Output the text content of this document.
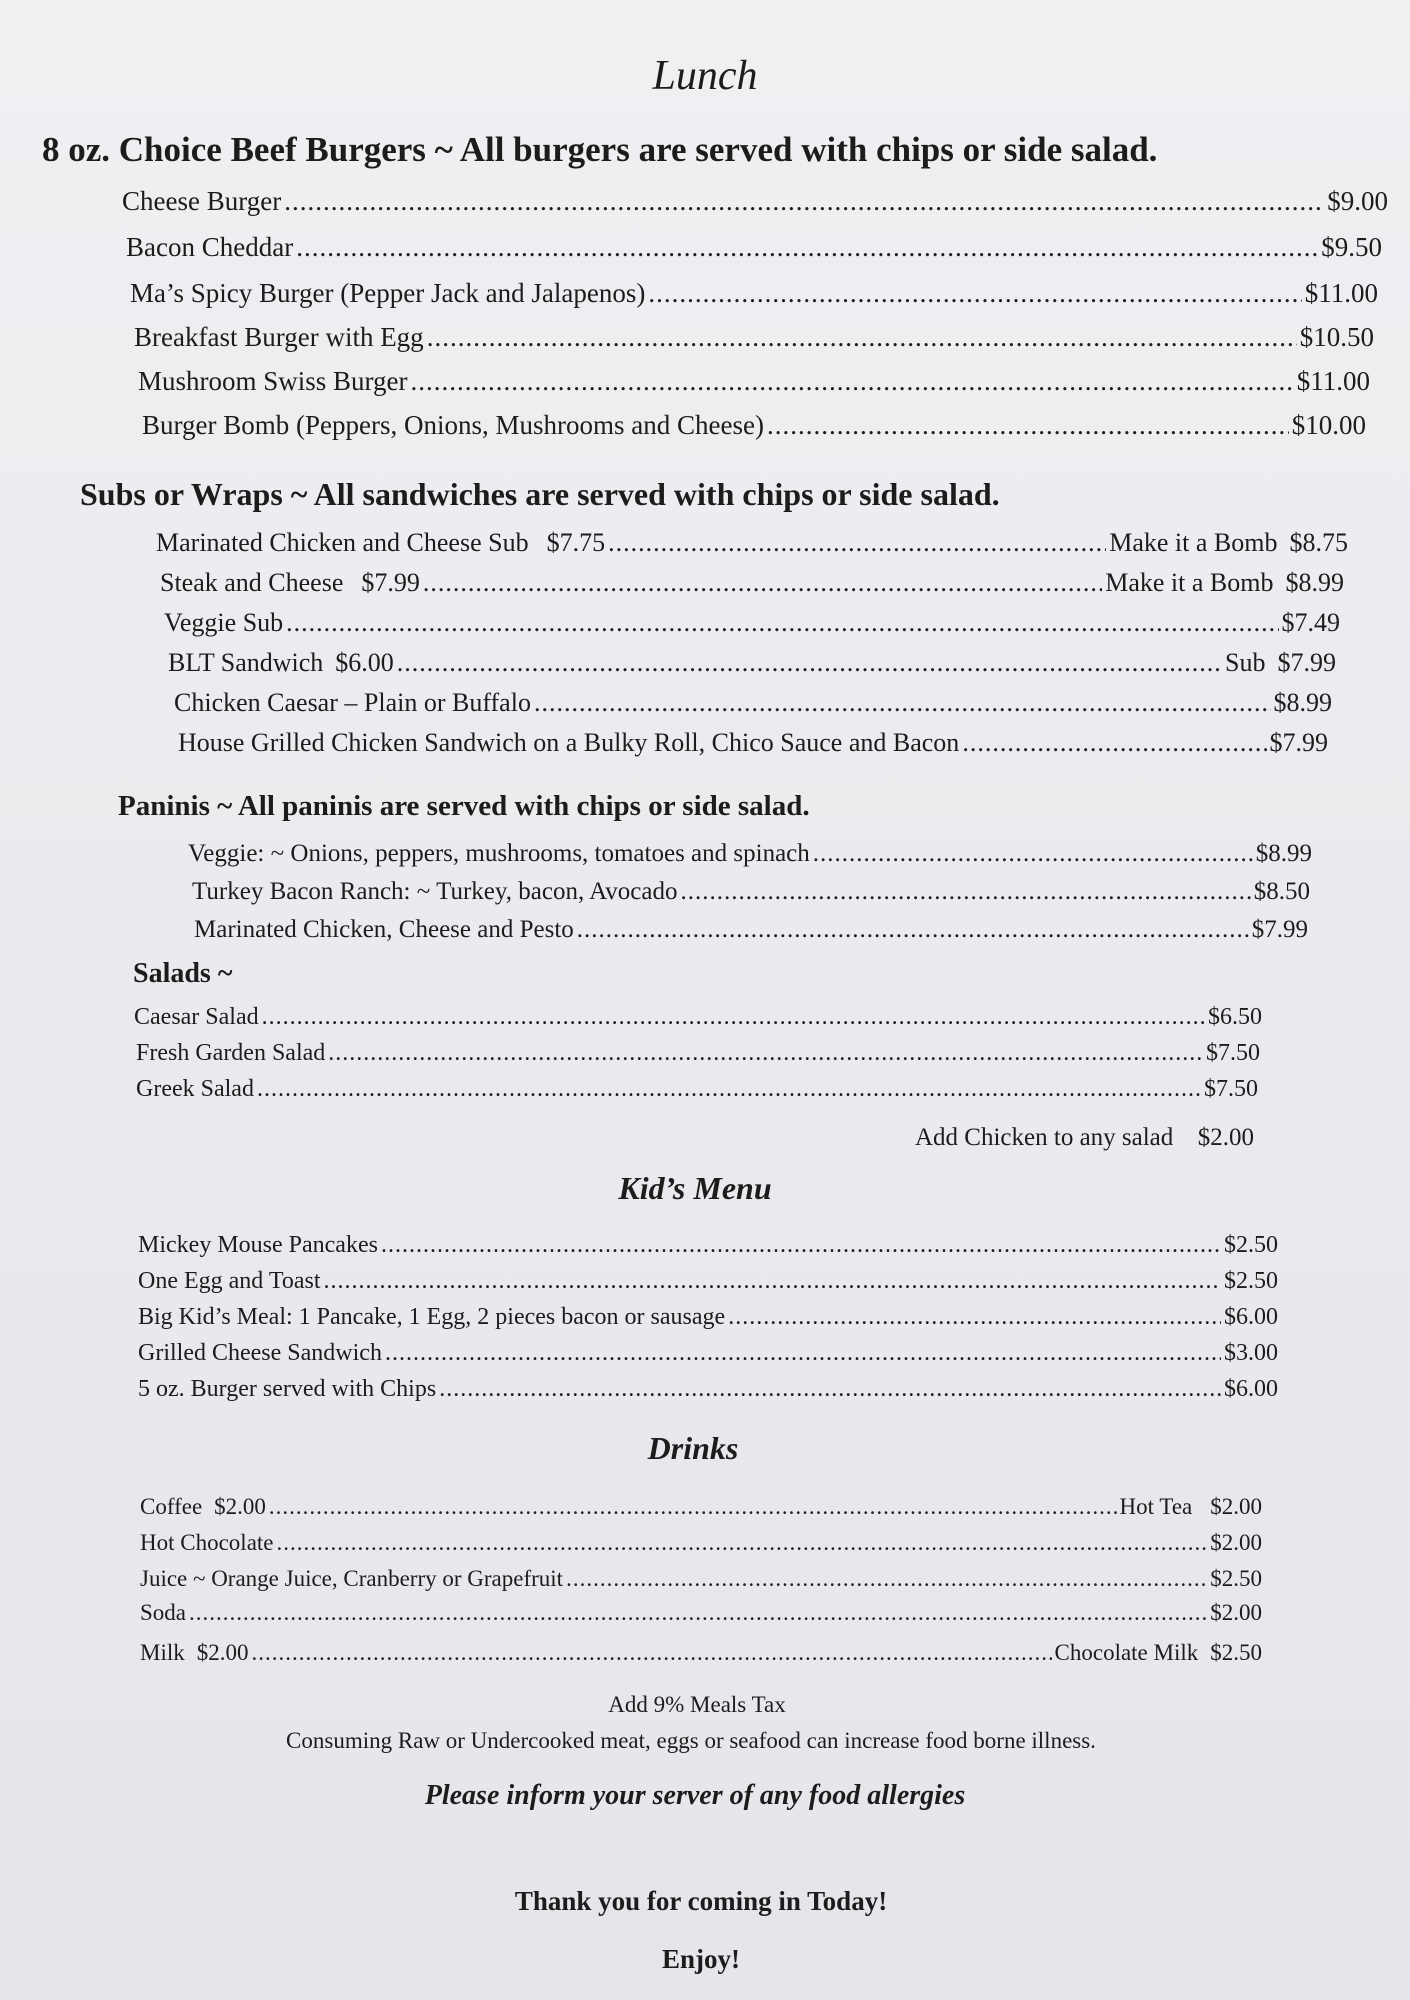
Lunch
8 oz. Choice Beef Burgers ~ All burgers are served with chips or side salad.
Cheese Burger .....	$9.00
Bacon Cheddar .....	$9.50
Ma’s Spicy Burger (Pepper Jack and Jalapenos) .....	$11.00
Breakfast Burger with Egg .....	$10.50
Mushroom Swiss Burger .....	$11.00
Burger Bomb (Peppers, Onions, Mushrooms and Cheese) .....	$10.00
Subs or Wraps ~ All sandwiches are served with chips or side salad.
Marinated Chicken and Cheese Sub $7.75 .....	Make it a Bomb $8.75
Steak and Cheese $7.99 .....	Make it a Bomb $8.99
Veggie Sub .....	$7.49
BLT Sandwich $6.00 .....	Sub $7.99
Chicken Caesar – Plain or Buffalo .....	$8.99
House Grilled Chicken Sandwich on a Bulky Roll, Chico Sauce and Bacon .....	$7.99
Paninis ~ All paninis are served with chips or side salad.
Veggie: ~ Onions, peppers, mushrooms, tomatoes and spinach .....	$8.99
Turkey Bacon Ranch: ~ Turkey, bacon, Avocado .....	$8.50
Marinated Chicken, Cheese and Pesto .....	$7.99
Salads ~
Caesar Salad .....	$6.50
Fresh Garden Salad .....	$7.50
Greek Salad .....	$7.50
Add Chicken to any salad $2.00
Kid’s Menu
Mickey Mouse Pancakes .....	$2.50
One Egg and Toast .....	$2.50
Big Kid’s Meal: 1 Pancake, 1 Egg, 2 pieces bacon or sausage .....	$6.00
Grilled Cheese Sandwich .....	$3.00
5 oz. Burger served with Chips .....	$6.00
Drinks
Coffee $2.00 .....	Hot Tea $2.00
Hot Chocolate .....	$2.00
Juice ~ Orange Juice, Cranberry or Grapefruit .....	$2.50
Soda .....	$2.00
Milk $2.00 .....	Chocolate Milk $2.50
Add 9% Meals Tax
Consuming Raw or Undercooked meat, eggs or seafood can increase food borne illness.
Please inform your server of any food allergies
Thank you for coming in Today!
Enjoy!
